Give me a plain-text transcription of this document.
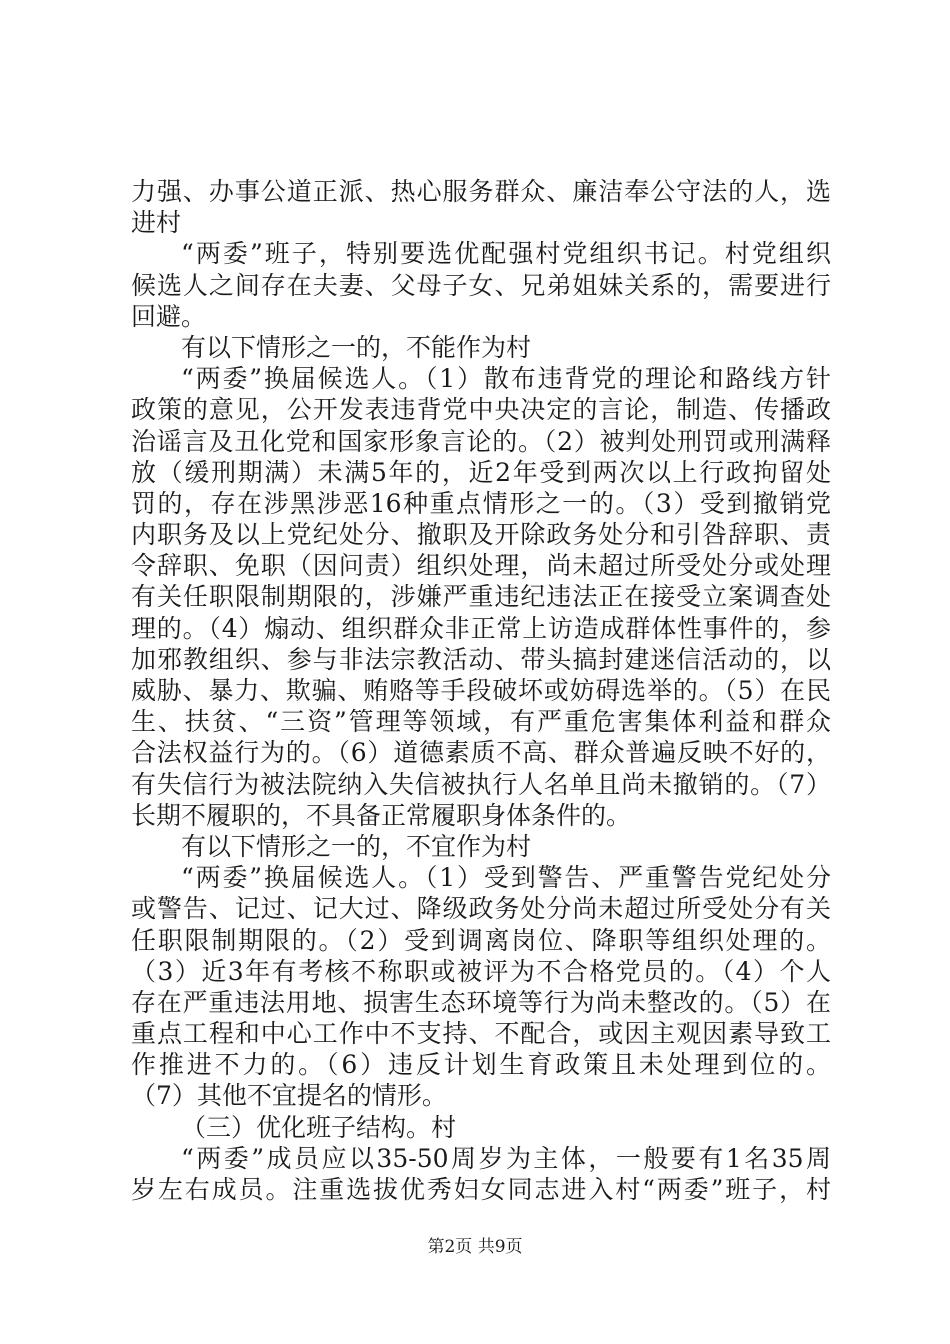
力强、办事公道正派、热心服务群众、廉洁奉公守法的人，选
进村
“两委”班子，特别要选优配强村党组织书记。村党组织
候选人之间存在夫妻、父母子女、兄弟姐妹关系的，需要进行
回避。
有以下情形之一的，不能作为村
“两委”换届候选人。（1）散布违背党的理论和路线方针
政策的意见，公开发表违背党中央决定的言论，制造、传播政
治谣言及丑化党和国家形象言论的。（2）被判处刑罚或刑满释
放（缓刑期满）未满5年的，近2年受到两次以上行政拘留处
罚的，存在涉黑涉恶16种重点情形之一的。（3）受到撤销党
内职务及以上党纪处分、撤职及开除政务处分和引咎辞职、责
令辞职、免职（因问责）组织处理，尚未超过所受处分或处理
有关任职限制期限的，涉嫌严重违纪违法正在接受立案调查处
理的。（4）煽动、组织群众非正常上访造成群体性事件的，参
加邪教组织、参与非法宗教活动、带头搞封建迷信活动的，以
威胁、暴力、欺骗、贿赂等手段破坏或妨碍选举的。（5）在民
生、扶贫、“三资”管理等领域，有严重危害集体利益和群众
合法权益行为的。（6）道德素质不高、群众普遍反映不好的，
有失信行为被法院纳入失信被执行人名单且尚未撤销的。（7）
长期不履职的，不具备正常履职身体条件的。
有以下情形之一的，不宜作为村
“两委”换届候选人。（1）受到警告、严重警告党纪处分
或警告、记过、记大过、降级政务处分尚未超过所受处分有关
任职限制期限的。（2）受到调离岗位、降职等组织处理的。
（3）近3年有考核不称职或被评为不合格党员的。（4）个人
存在严重违法用地、损害生态环境等行为尚未整改的。（5）在
重点工程和中心工作中不支持、不配合，或因主观因素导致工
作推进不力的。（6）违反计划生育政策且未处理到位的。
（7）其他不宜提名的情形。
（三）优化班子结构。村
“两委”成员应以35-50周岁为主体，一般要有1名35周
岁左右成员。注重选拔优秀妇女同志进入村“两委”班子，村
第2页 共9页
